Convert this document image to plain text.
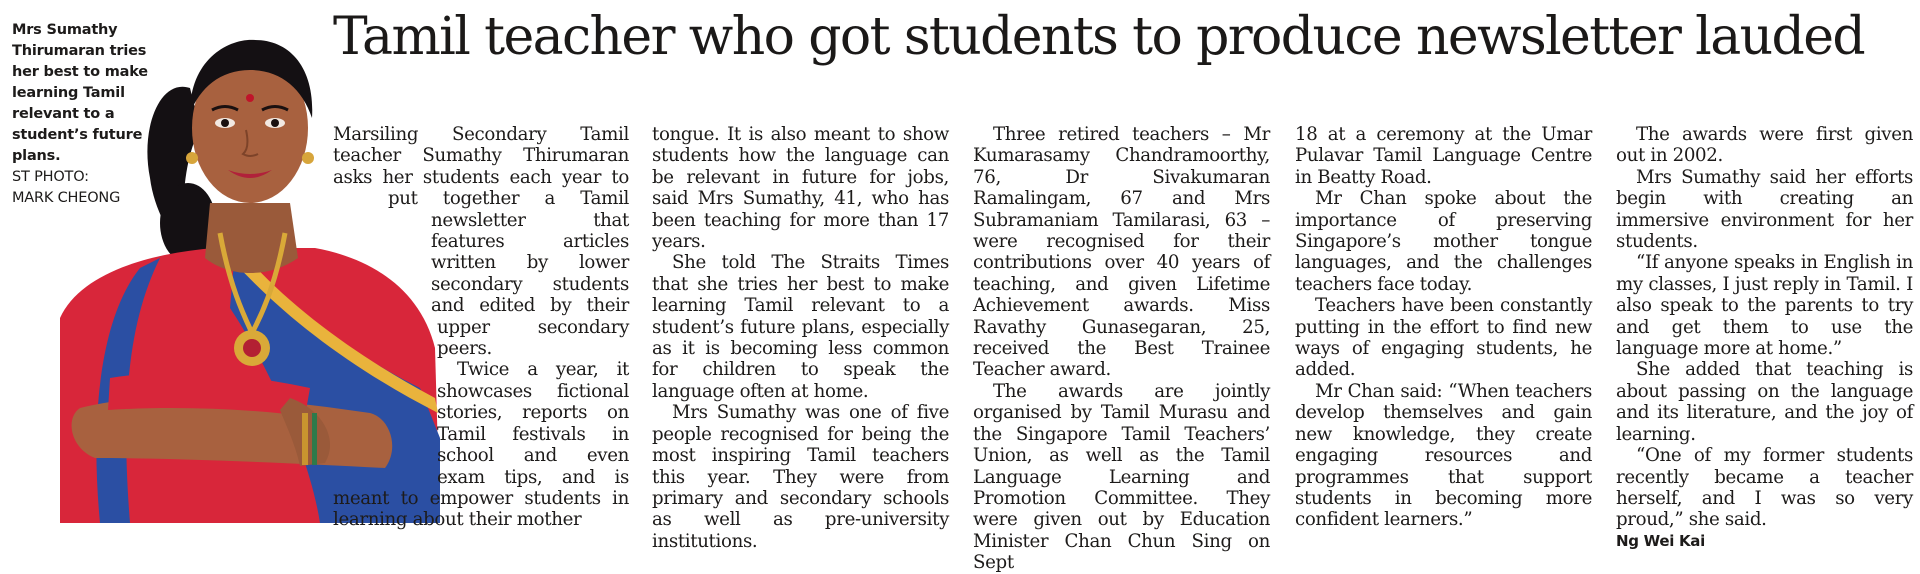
Tamil teacher who got students to produce newsletter lauded
Mrs Sumathy Thirumaran tries her best to make learning Tamil relevant to a student’s future plans.
ST PHOTO:
MARK CHEONG

Marsiling Secondary Tamil teacher Sumathy Thirumaran asks her students each year to put together a Tamil newsletter that features articles written by lower secondary students and edited by their upper secondary peers.

Twice a year, it showcases fictional stories, reports on Tamil festivals in school and even exam tips, and is meant to empower students in learning about their mother

tongue. It is also meant to show students how the language can be relevant in future for jobs, said Mrs Sumathy, 41, who has been teaching for more than 17 years.

She told The Straits Times that she tries her best to make learning Tamil relevant to a student’s future plans, especially as it is becoming less common for children to speak the language often at home.

Mrs Sumathy was one of five people recognised for being the most inspiring Tamil teachers this year. They were from primary and secondary schools as well as pre-university institutions.

Three retired teachers – Mr Kumarasamy Chandramoorthy, 76, Dr Sivakumaran Ramalingam, 67 and Mrs Subramaniam Tamilarasi, 63 – were recognised for their contributions over 40 years of teaching, and given Lifetime Achievement awards. Miss Ravathy Gunasegaran, 25, received the Best Trainee Teacher award.

The awards are jointly organised by Tamil Murasu and the Singapore Tamil Teachers’ Union, as well as the Tamil Language Learning and Promotion Committee. They were given out by Education Minister Chan Chun Sing on Sept

18 at a ceremony at the Umar Pulavar Tamil Language Centre in Beatty Road.

Mr Chan spoke about the importance of preserving Singapore’s mother tongue languages, and the challenges teachers face today.

Teachers have been constantly putting in the effort to find new ways of engaging students, he added.

Mr Chan said: “When teachers develop themselves and gain new knowledge, they create engaging resources and programmes that support students in becoming more confident learners.”

The awards were first given out in 2002.

Mrs Sumathy said her efforts begin with creating an immersive environment for her students.

“If anyone speaks in English in my classes, I just reply in Tamil. I also speak to the parents to try and get them to use the language more at home.”

She added that teaching is about passing on the language and its literature, and the joy of learning.

“One of my former students recently became a teacher herself, and I was so very proud,” she said.

Ng Wei Kai
